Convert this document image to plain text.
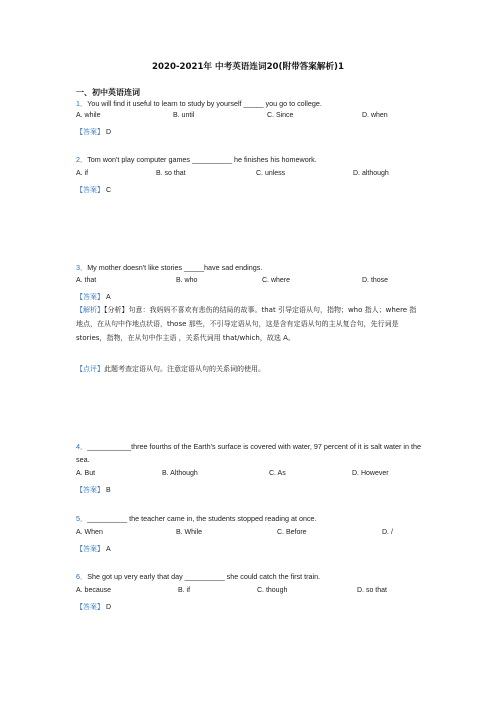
2020-2021年 中考英语连词20(附带答案解析)1
一、初中英语连词
1．You will find it useful to learn to study by yourself _____ you go to college.
A. while	B. until	C. Since	D. when
【答案】 D
2．Tom won't play computer games __________ he finishes his homework.
A. if	B. so that	C. unless	D. although
【答案】 C
3．My mother doesn't like stories _____have sad endings.
A. that	B. who	C. where	D. those
【答案】 A
【解析】【分析】句意：我妈妈不喜欢有悲伤的结局的故事。that 引导定语从句，指物；who 指人；where 指地点，在从句中作地点状语，those 那些，不引导定语从句，这是含有定语从句的主从复合句，先行词是 stories，指物，在从句中作主语 ，关系代词用 that/which，故选 A。
【点评】此题考查定语从句。注意定语从句的关系词的使用。
4．___________three fourths of the Earth's surface is covered with water, 97 percent of it is salt water in the sea.
A. But	B. Although	C. As	D. However
【答案】 B
5．__________ the teacher came in, the students stopped reading at once.
A. When	B. While	C. Before	D. /
【答案】 A
6．She got up very early that day __________ she could catch the first train.
A. because	B. if	C. though	D. so that
【答案】 D
